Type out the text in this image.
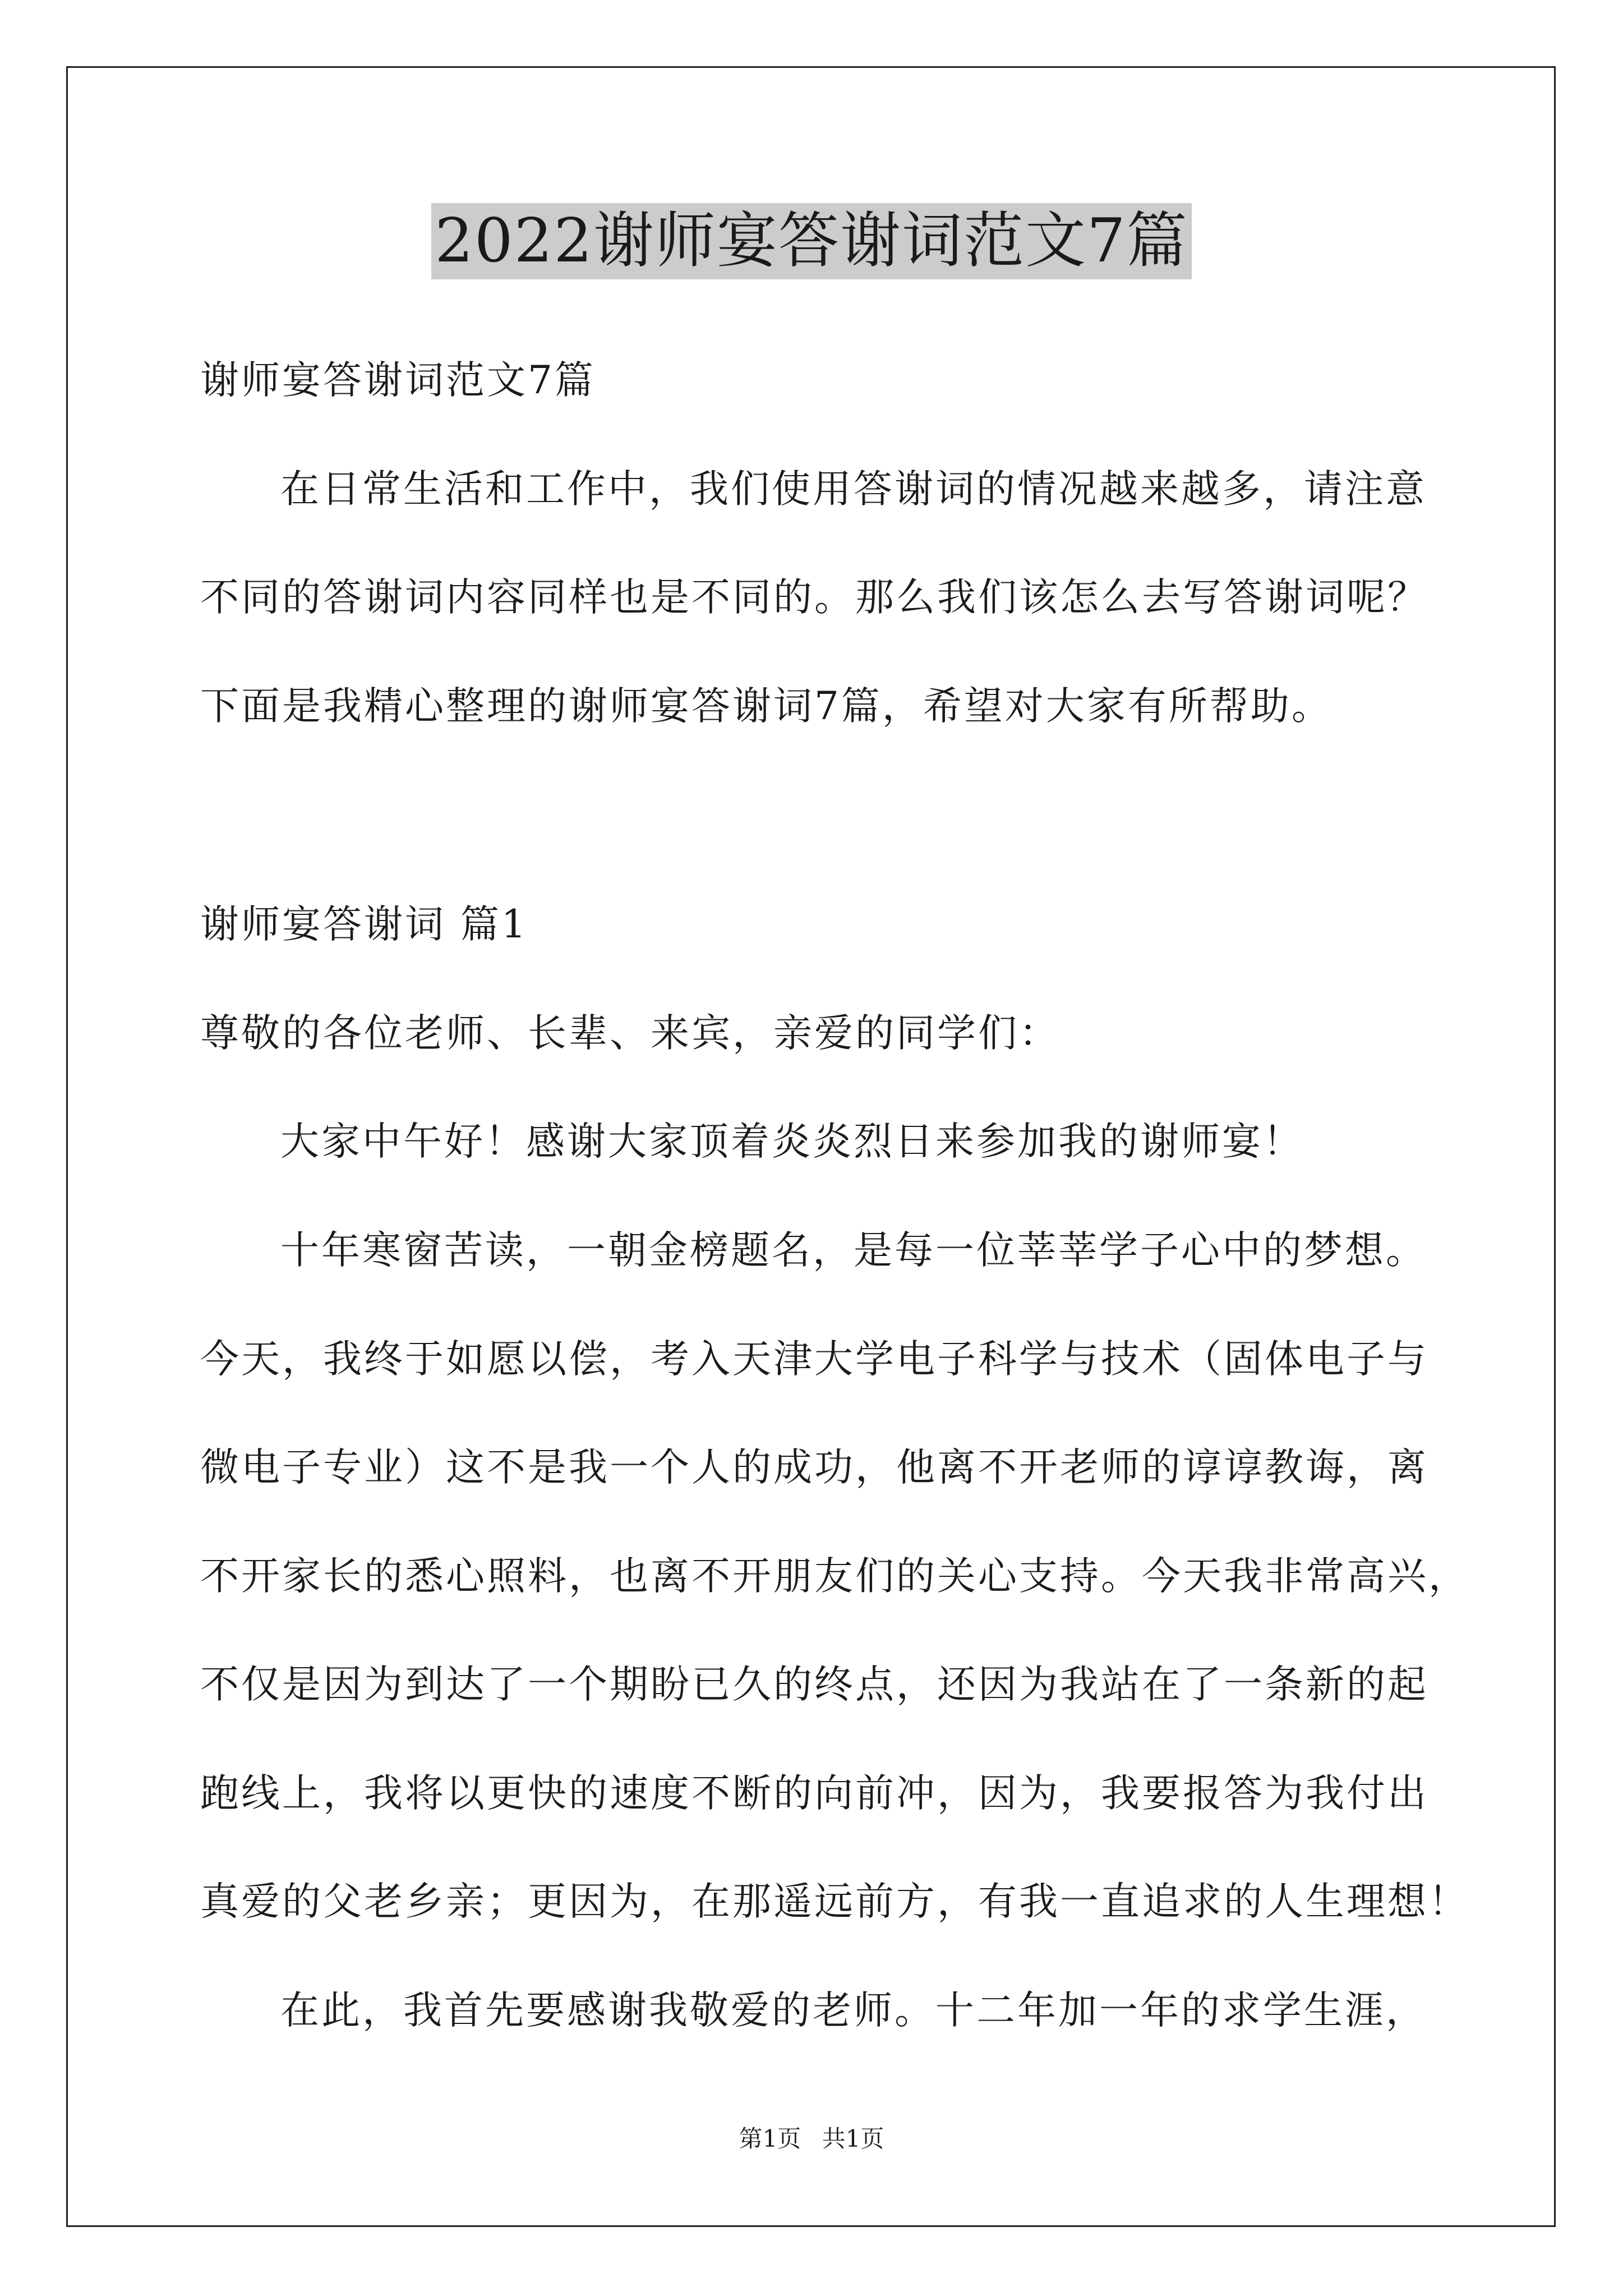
2022谢师宴答谢词范文7篇
谢师宴答谢词范文7篇
在日常生活和工作中，我们使用答谢词的情况越来越多，请注意
不同的答谢词内容同样也是不同的。那么我们该怎么去写答谢词呢？
下面是我精心整理的谢师宴答谢词7篇，希望对大家有所帮助。
谢师宴答谢词 篇1
尊敬的各位老师、长辈、来宾，亲爱的同学们：
大家中午好！感谢大家顶着炎炎烈日来参加我的谢师宴！
十年寒窗苦读，一朝金榜题名，是每一位莘莘学子心中的梦想。
今天，我终于如愿以偿，考入天津大学电子科学与技术（固体电子与
微电子专业）这不是我一个人的成功，他离不开老师的谆谆教诲，离
不开家长的悉心照料，也离不开朋友们的关心支持。今天我非常高兴，
不仅是因为到达了一个期盼已久的终点，还因为我站在了一条新的起
跑线上，我将以更快的速度不断的向前冲，因为，我要报答为我付出
真爱的父老乡亲；更因为，在那遥远前方，有我一直追求的人生理想！
在此，我首先要感谢我敬爱的老师。十二年加一年的求学生涯，
第1页 共1页
